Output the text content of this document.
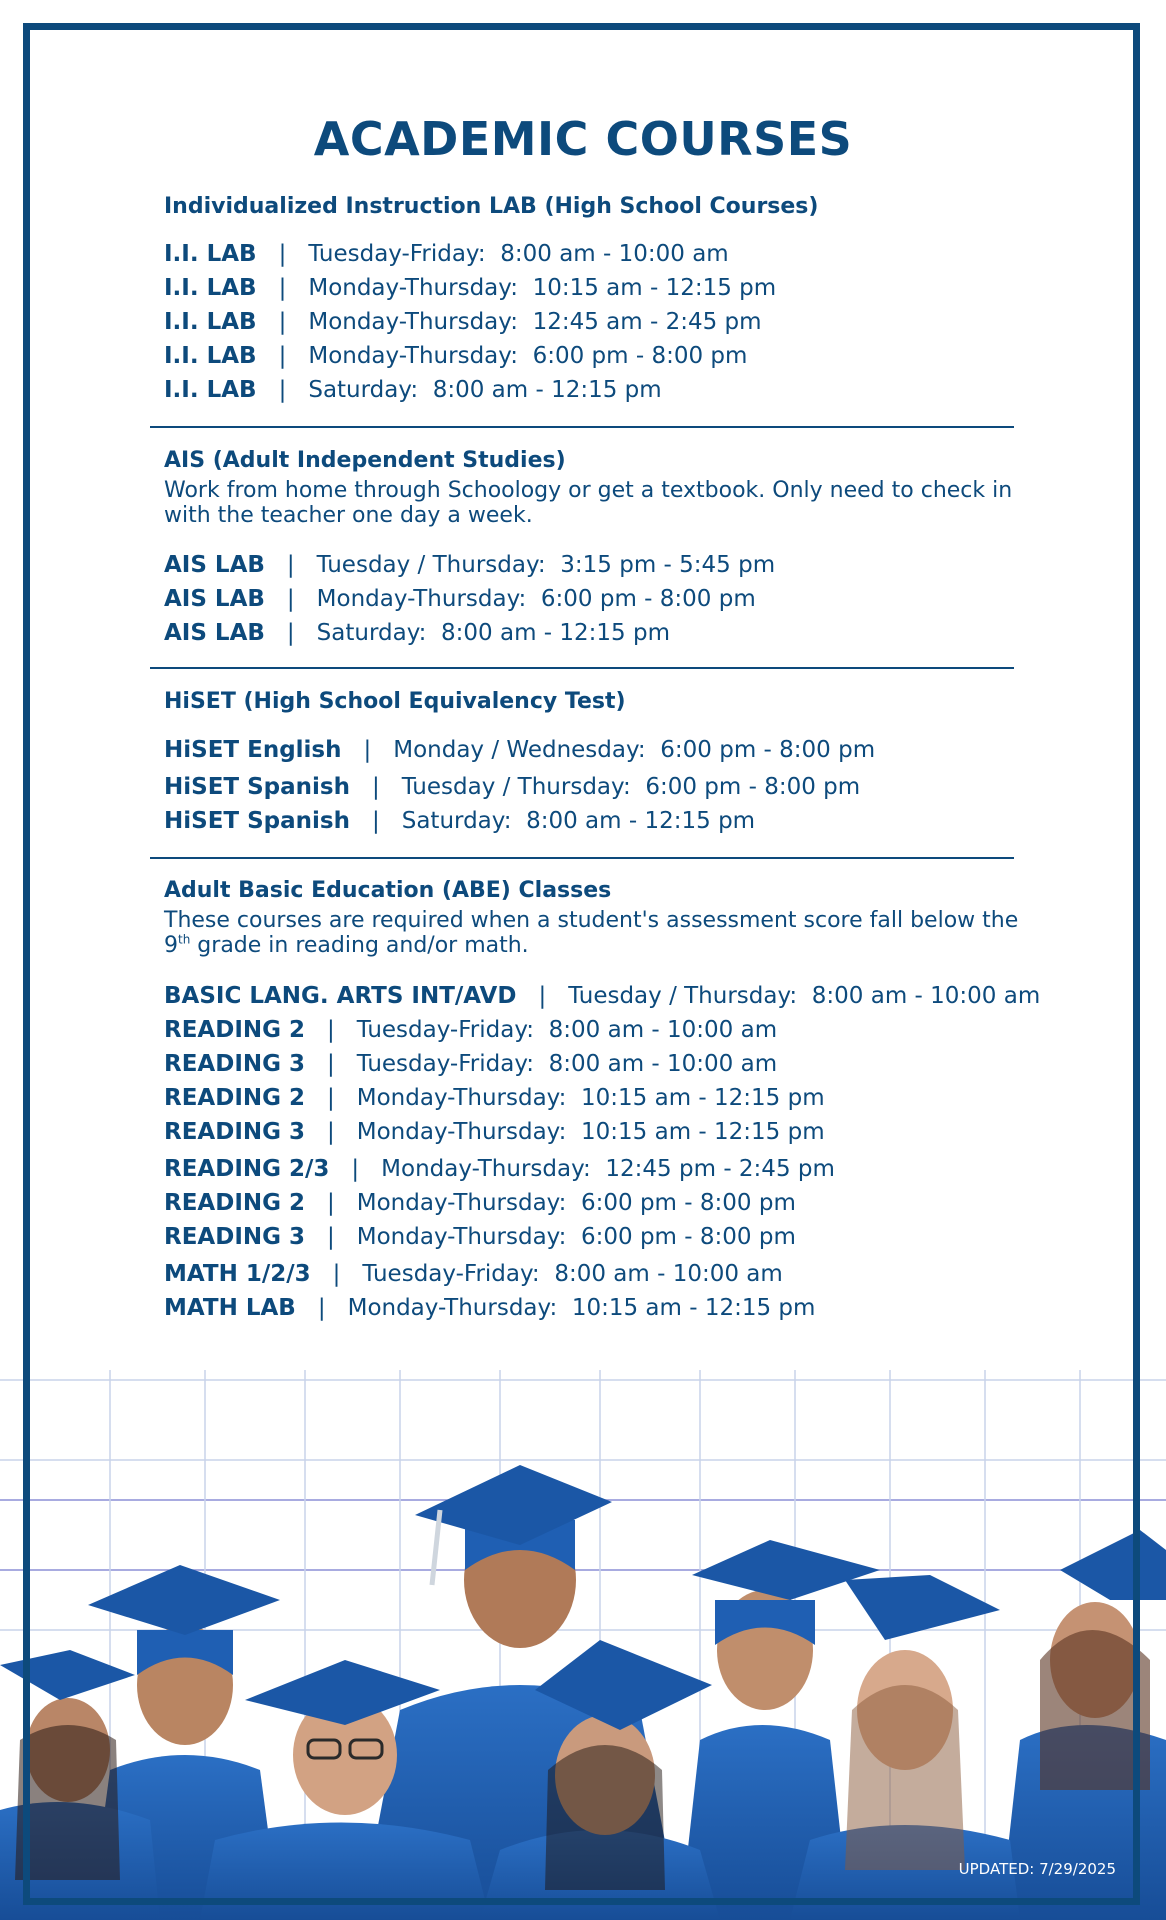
ACADEMIC COURSES
Individualized Instruction LAB (High School Courses)
I.I. LAB | Tuesday-Friday: 8:00 am - 10:00 am
I.I. LAB | Monday-Thursday: 10:15 am - 12:15 pm
I.I. LAB | Monday-Thursday: 12:45 am - 2:45 pm
I.I. LAB | Monday-Thursday: 6:00 pm - 8:00 pm
I.I. LAB | Saturday: 8:00 am - 12:15 pm
AIS (Adult Independent Studies)
Work from home through Schoology or get a textbook. Only need to check in with the teacher one day a week.
AIS LAB | Tuesday / Thursday: 3:15 pm - 5:45 pm
AIS LAB | Monday-Thursday: 6:00 pm - 8:00 pm
AIS LAB | Saturday: 8:00 am - 12:15 pm
HiSET (High School Equivalency Test)
HiSET English | Monday / Wednesday: 6:00 pm - 8:00 pm
HiSET Spanish | Tuesday / Thursday: 6:00 pm - 8:00 pm
HiSET Spanish | Saturday: 8:00 am - 12:15 pm
Adult Basic Education (ABE) Classes
These courses are required when a student's assessment score fall below the 9th grade in reading and/or math.
BASIC LANG. ARTS INT/AVD | Tuesday / Thursday: 8:00 am - 10:00 am
READING 2 | Tuesday-Friday: 8:00 am - 10:00 am
READING 3 | Tuesday-Friday: 8:00 am - 10:00 am
READING 2 | Monday-Thursday: 10:15 am - 12:15 pm
READING 3 | Monday-Thursday: 10:15 am - 12:15 pm
READING 2/3 | Monday-Thursday: 12:45 pm - 2:45 pm
READING 2 | Monday-Thursday: 6:00 pm - 8:00 pm
READING 3 | Monday-Thursday: 6:00 pm - 8:00 pm
MATH 1/2/3 | Tuesday-Friday: 8:00 am - 10:00 am
MATH LAB | Monday-Thursday: 10:15 am - 12:15 pm
UPDATED: 7/29/2025
